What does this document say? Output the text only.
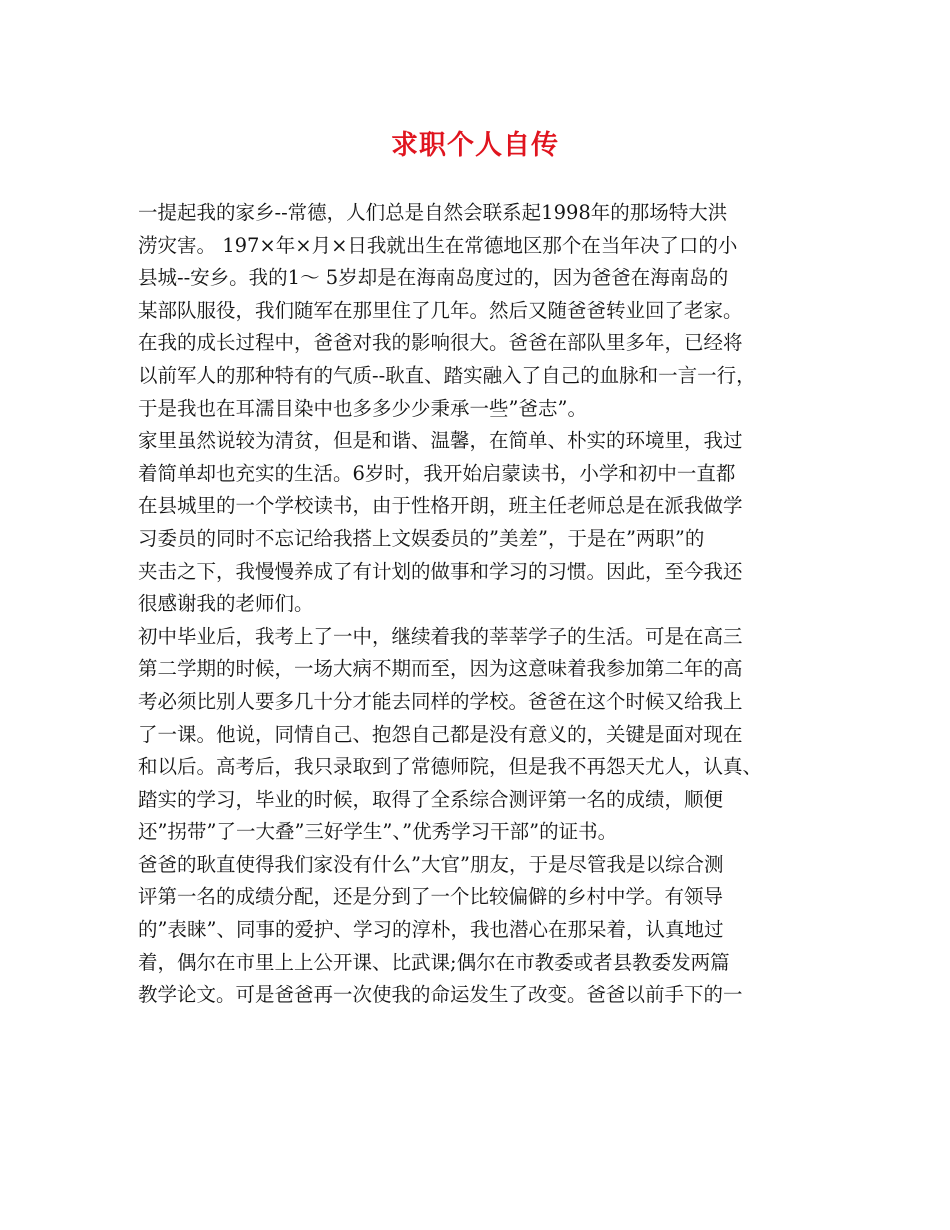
求职个人自传
一提起我的家乡--常德，人们总是自然会联系起1998年的那场特大洪
涝灾害。 197×年×月×日我就出生在常德地区那个在当年决了口的小
县城--安乡。我的1～ 5岁却是在海南岛度过的，因为爸爸在海南岛的
某部队服役，我们随军在那里住了几年。然后又随爸爸转业回了老家。
在我的成长过程中，爸爸对我的影响很大。爸爸在部队里多年，已经将
以前军人的那种特有的气质--耿直、踏实融入了自己的血脉和一言一行，
于是我也在耳濡目染中也多多少少秉承一些”爸志”。
家里虽然说较为清贫，但是和谐、温馨，在简单、朴实的环境里，我过
着简单却也充实的生活。6岁时，我开始启蒙读书，小学和初中一直都
在县城里的一个学校读书，由于性格开朗，班主任老师总是在派我做学
习委员的同时不忘记给我搭上文娱委员的”美差”，于是在”两职”的
夹击之下，我慢慢养成了有计划的做事和学习的习惯。因此，至今我还
很感谢我的老师们。
初中毕业后，我考上了一中，继续着我的莘莘学子的生活。可是在高三
第二学期的时候，一场大病不期而至，因为这意味着我参加第二年的高
考必须比别人要多几十分才能去同样的学校。爸爸在这个时候又给我上
了一课。他说，同情自己、抱怨自己都是没有意义的，关键是面对现在
和以后。高考后，我只录取到了常德师院，但是我不再怨天尤人，认真、
踏实的学习，毕业的时候，取得了全系综合测评第一名的成绩，顺便
还”拐带”了一大叠”三好学生”、”优秀学习干部”的证书。
爸爸的耿直使得我们家没有什么”大官”朋友，于是尽管我是以综合测
评第一名的成绩分配，还是分到了一个比较偏僻的乡村中学。有领导
的”表睐”、同事的爱护、学习的淳朴，我也潜心在那呆着，认真地过
着，偶尔在市里上上公开课、比武课;偶尔在市教委或者县教委发两篇
教学论文。可是爸爸再一次使我的命运发生了改变。爸爸以前手下的一
